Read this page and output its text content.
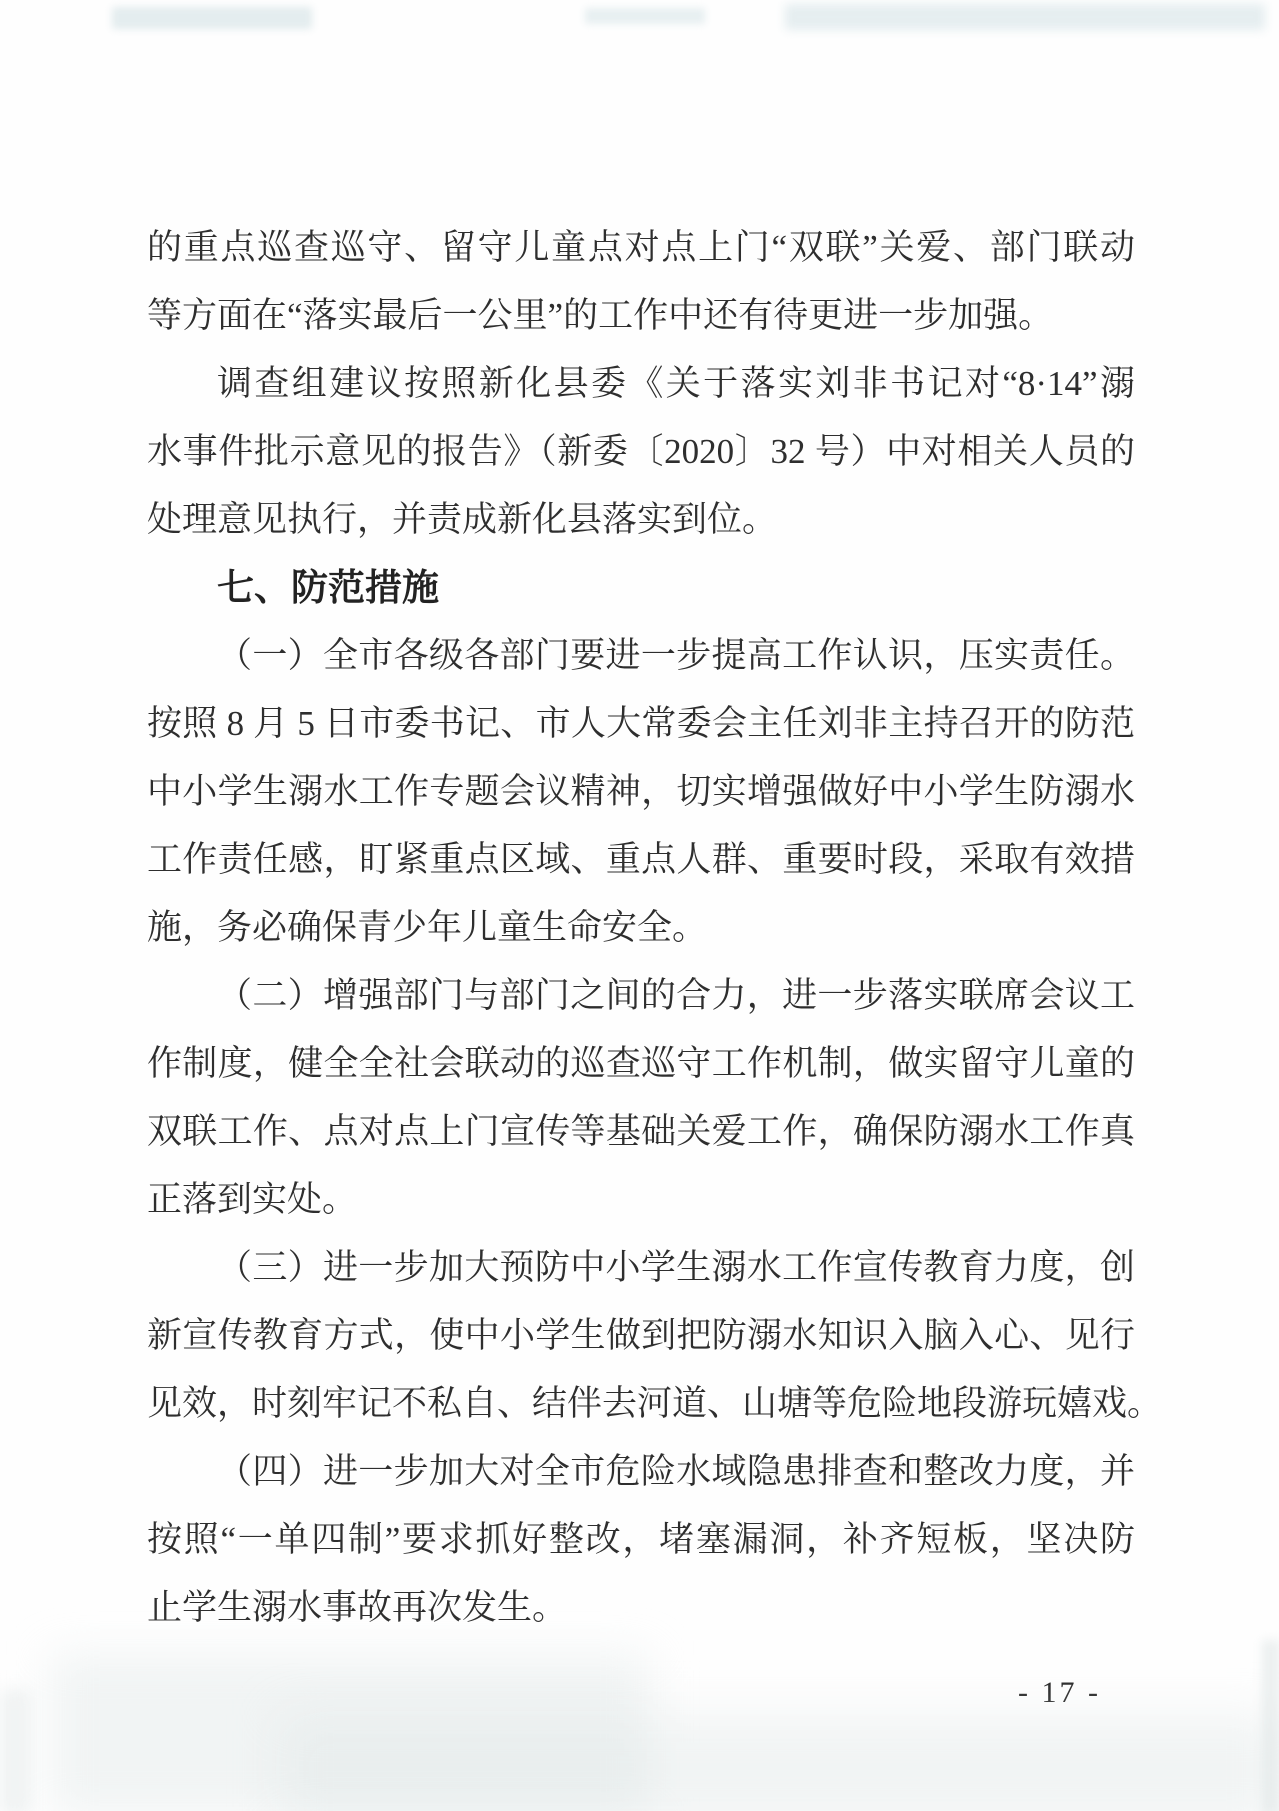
的重点巡查巡守、留守儿童点对点上门“双联”关爱、部门联动
等方面在“落实最后一公里”的工作中还有待更进一步加强。
调查组建议按照新化县委《关于落实刘非书记对“8·14”溺
水事件批示意见的报告》（新委〔2020〕32 号）中对相关人员的
处理意见执行，并责成新化县落实到位。
七、防范措施
（一）全市各级各部门要进一步提高工作认识，压实责任。
按照 8 月 5 日市委书记、市人大常委会主任刘非主持召开的防范
中小学生溺水工作专题会议精神，切实增强做好中小学生防溺水
工作责任感，盯紧重点区域、重点人群、重要时段，采取有效措
施，务必确保青少年儿童生命安全。
（二）增强部门与部门之间的合力，进一步落实联席会议工
作制度，健全全社会联动的巡查巡守工作机制，做实留守儿童的
双联工作、点对点上门宣传等基础关爱工作，确保防溺水工作真
正落到实处。
（三）进一步加大预防中小学生溺水工作宣传教育力度，创
新宣传教育方式，使中小学生做到把防溺水知识入脑入心、见行
见效，时刻牢记不私自、结伴去河道、山塘等危险地段游玩嬉戏。
（四）进一步加大对全市危险水域隐患排查和整改力度，并
按照“一单四制”要求抓好整改，堵塞漏洞，补齐短板，坚决防
止学生溺水事故再次发生。
- 17 -
